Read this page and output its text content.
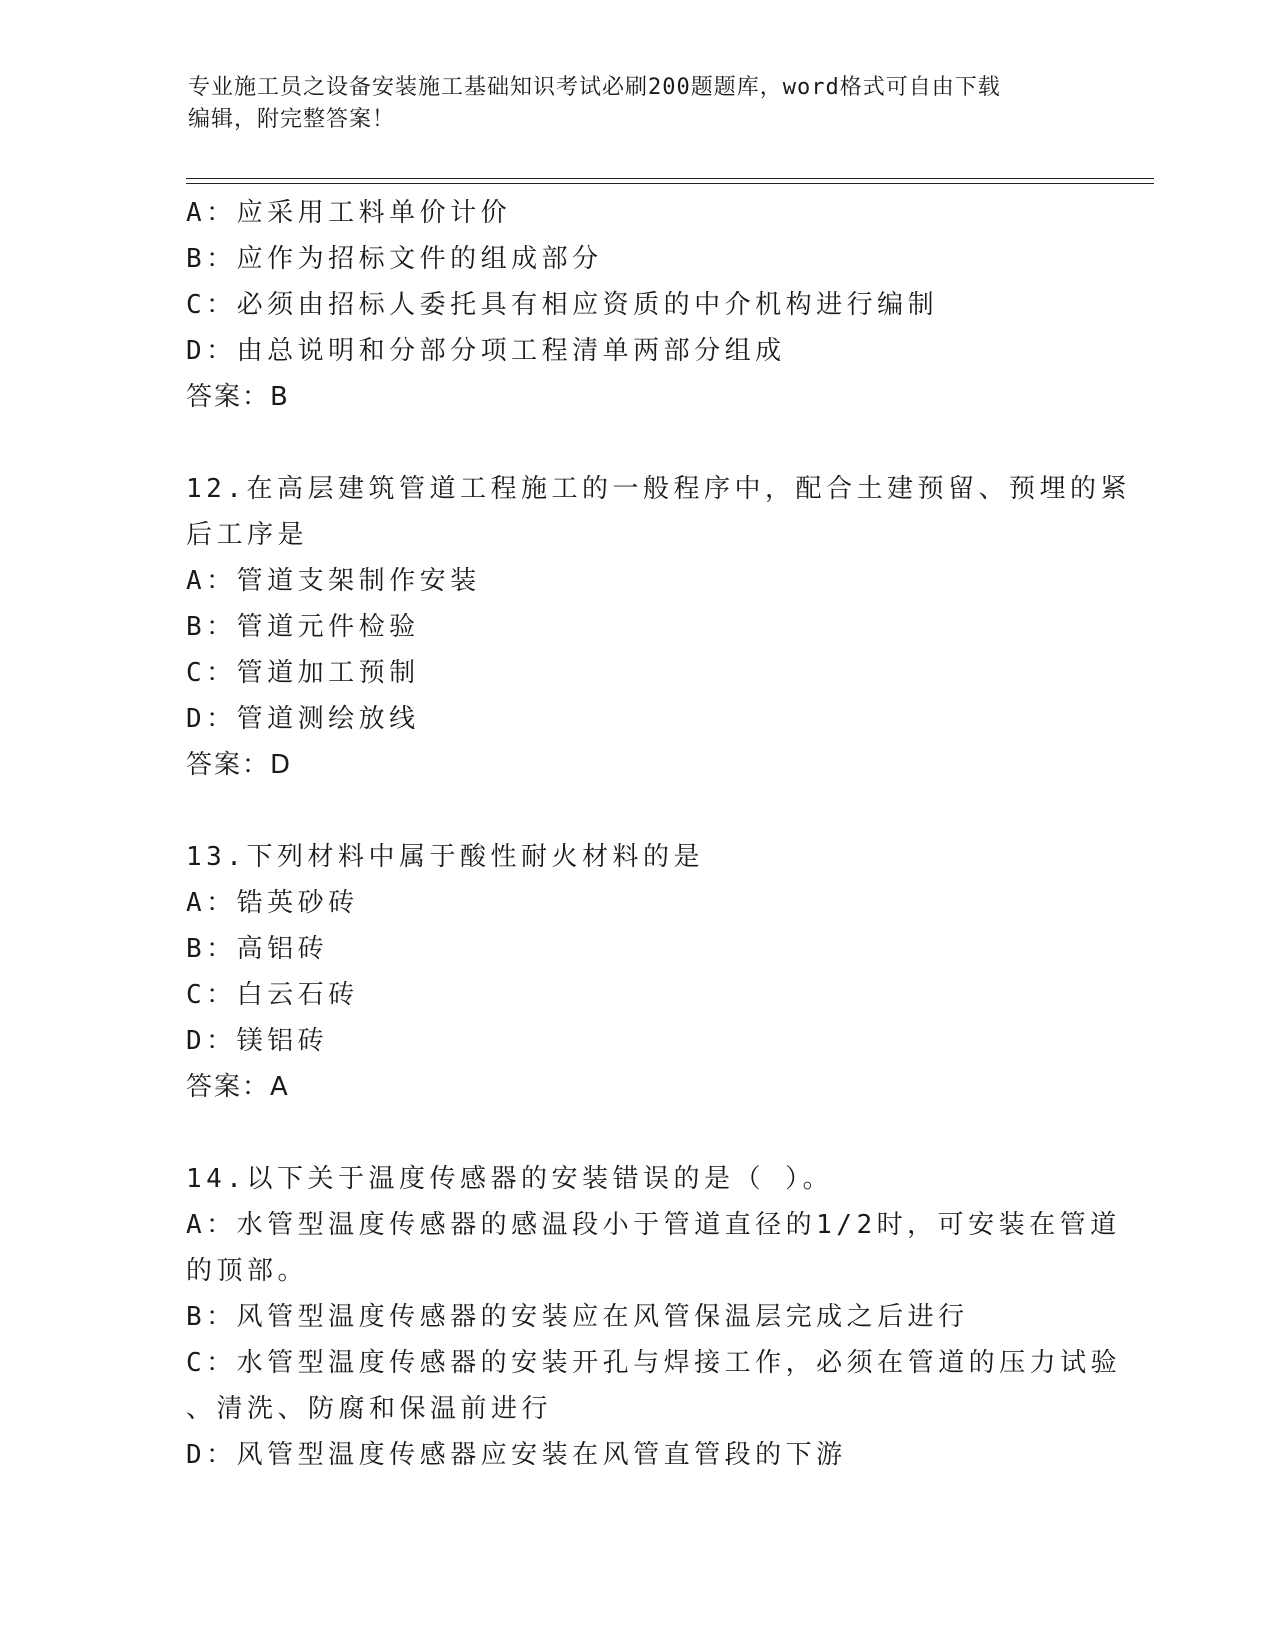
专业施工员之设备安装施工基础知识考试必刷200题题库，word格式可自由下载
编辑，附完整答案！
A：应采用工料单价计价
B：应作为招标文件的组成部分
C：必须由招标人委托具有相应资质的中介机构进行编制
D：由总说明和分部分项工程清单两部分组成
答案：B
12.在高层建筑管道工程施工的一般程序中，配合土建预留、预埋的紧
后工序是
A：管道支架制作安装
B：管道元件检验
C：管道加工预制
D：管道测绘放线
答案：D
13.下列材料中属于酸性耐火材料的是
A：锆英砂砖
B：高铝砖
C：白云石砖
D：镁铝砖
答案：A
14.以下关于温度传感器的安装错误的是（ ）。
A：水管型温度传感器的感温段小于管道直径的1/2时，可安装在管道
的顶部。
B：风管型温度传感器的安装应在风管保温层完成之后进行
C：水管型温度传感器的安装开孔与焊接工作，必须在管道的压力试验
、清洗、防腐和保温前进行
D：风管型温度传感器应安装在风管直管段的下游
